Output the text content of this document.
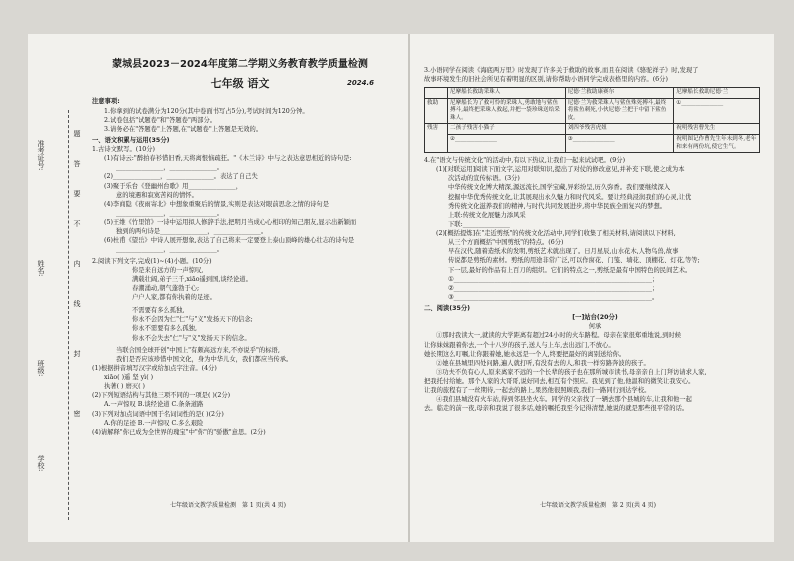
学校:
班级:
姓名:
准考证号:
密
封
线
内
不
要
答
题

蒙城县2023－2024年度第二学期义务教育教学质量检测

七年级 语文	2024.6

注意事项:

1.你拿到的试卷满分为120分(其中卷面书写占5分),考试时间为120分钟。

2.试卷包括"试题卷"和"答题卷"两部分。

3.请务必在"答题卷"上答题,在"试题卷"上答题是无效的。

一、语文积累与运用(35分)

1.古诗文默写。(10分)

(1)有诗云:"醉拍春衫惜旧香,天将离恨恼疏狂。"《木兰诗》中与之表达意思相近的诗句是:

_______________，_______________。

(2)_______________，_______________。表达了自己失

(3)聚于乐台《登幽州台歌》用_______________，

意的境遇和寂寞苦闷的情怀。

(4)李商隐《夜雨寄北》中想象重聚后的情景,实则是表达对眼前思念之情的诗句是

_______________，_______________。

(5)王维《竹里馆》一诗中运用拟人修辞手法,把明月当成心心相印的知己朋友,显示出新颖而

独到的两句诗是_______________，_______________。

(6)杜甫《望岳》中诗人展开想象,表达了自己将来一定要登上泰山顶峰的雄心壮志的诗句是

_______________，_______________。

2.阅读下列文字,完成(1)~(4)小题。(10分)

你是来自远方的一声惊叹,

满载壮阔,弟子三千,xiāo遥到国,谈经论道。

春潮涌动,朝气蓬勃于心;

户户人家,都有你执着的足迹。

不需要有多么孤独,

你永不会因为仁"仁"与"义"发扬天下的信念;

你永不需要有多么孤独,

你永不会失去"仁"与"义"发扬天下的信念。

当联合国全球开创"中国上"有颇高远方来,不亦说乎"的标语,

我们是否应该珍惜中国文化，身为中华儿女，我们都应当传承。

(1)根据拼音填写汉字或给加点字注音。(4分)

xiāo( )遥 坚 yì( )

执著( ) 磨灭( )

(2)下列短语结构与其他三项不同的一项是( )(2分)

A.一声惊叹 B.谈经论道 C.条条道路

(3)下列对加点词语中国于名词词性的是( )(2分)

A.你的足迹 B.一声惊叹 C.多么艰险

(4)请解释"你已成为全世界的瑰宝"中"你"的"骄傲"意思。(2分)

七年级语文教学质量检测　第 1 页(共 4 页)

3.小语同学在阅读《海底两万里》时发现了许多关于救助的故事,而且在阅读《骆驼祥子》时,发现了

故事环境发生的旧社会所见有着明显的区别,请你帮助小语同学完成表格里的内容。(6分)

	尼摩船长救助采珠人	尼德·兰救助康赛尔	尼摩船长救助尼德·兰
救助	尼摩船长为了救可怜的采珠人,勇敢地与鲨鱼搏斗,最终把采珠人救起,并把一袋珍珠送给采珠人。	尼德·兰为救采珠人与鲨鱼殊死搏斗,最终将鲨鱼刺死,小伙尼德·兰把于中留下鲨鱼皮。	①_______________
残害	二孩子残害小猫子	刘四爷残害虎妞	祝明残害曹先生
	②_______________	③_______________	祝明图记作曹先生年未到冬,老年和来有两份坑,使它生气。

4.在"语文与传统文化"的活动中,有以下热议,让我们一起来试试吧。(9分)

(1)[对联运用]阅读下面文字,运用对联知识,提出了对仗的修改意见,并补充下联,使之成为本

次活动的宣传标语。(3分)

中华传统文化博大精深,源远流长,国学宝藏,异彩纷呈,历久弥香。我们要继续深入

挖掘中华优秀传统文化,让其展现出永久魅力和时代风采。要让经典浸润我们的心灵,让优

秀传统文化滋养我们的精神,与时代共同发展进步,将中华民族全面复兴的梦想。

上联:传统文化展魅力添风采

下联:_______________

(2)[概括提炼]在"走近剪纸"的传统文化活动中,同学们收集了相关材料,请阅读以下材料,

从三个方面概括"中国剪纸"的特点。(6分)

早在汉代,随着造纸术的发明,剪纸艺术就出现了。日月星辰,山水花木,人物鸟兽,故事

传说都是剪纸的素材。剪纸的用途非常广泛,可以作窗花、门笺、墙花、顶棚花、灯花,等等;

下一层,最好的作品有上百刀的组织。它们的特点之一,剪纸是最有中国特色的民间艺术。

①_______________________________________________________________；

②_______________________________________________________________；

③_______________________________________________________________。

二、阅读(35分)

[一]站台(20分)

何承

①那时我读大一,就读的大学距离有超过24小时的火车路程。母亲在家很郑重地说,到时候

让你妹妹跟着你去,一个十八岁的孩子,送人与上车,去出远门,不放心。

她长期这么叮嘱,让你跟着她,她永远是一个人,终要把最好的离别送给你。

②她在县城里四处问路,遍人就打听,有没有去的人,和我一样穷路奔波的孩子。

③功夫不负有心人,原来离家不远的一个长辈的孩子也在那所城市读书,母亲亲自上门拜访请求人家,

把我托付给她。那个人家的大哥哥,说好同去,相互有个照应。我见到了他,他温和的微笑让我安心。

让我的旅程有了一丝期待,一起去的路上,果然他很照顾我,我们一路同行到达学校。

④我们县城没有火车站,得到邻县坐火车。同学的父亲找了一辆去那个县城的车,让我和他一起

去。临走的前一夜,母亲和我说了很多话,她的嘱托我至今记得清楚,她说的就是那些很平常的话。

七年级语文教学质量检测　第 2 页(共 4 页)
